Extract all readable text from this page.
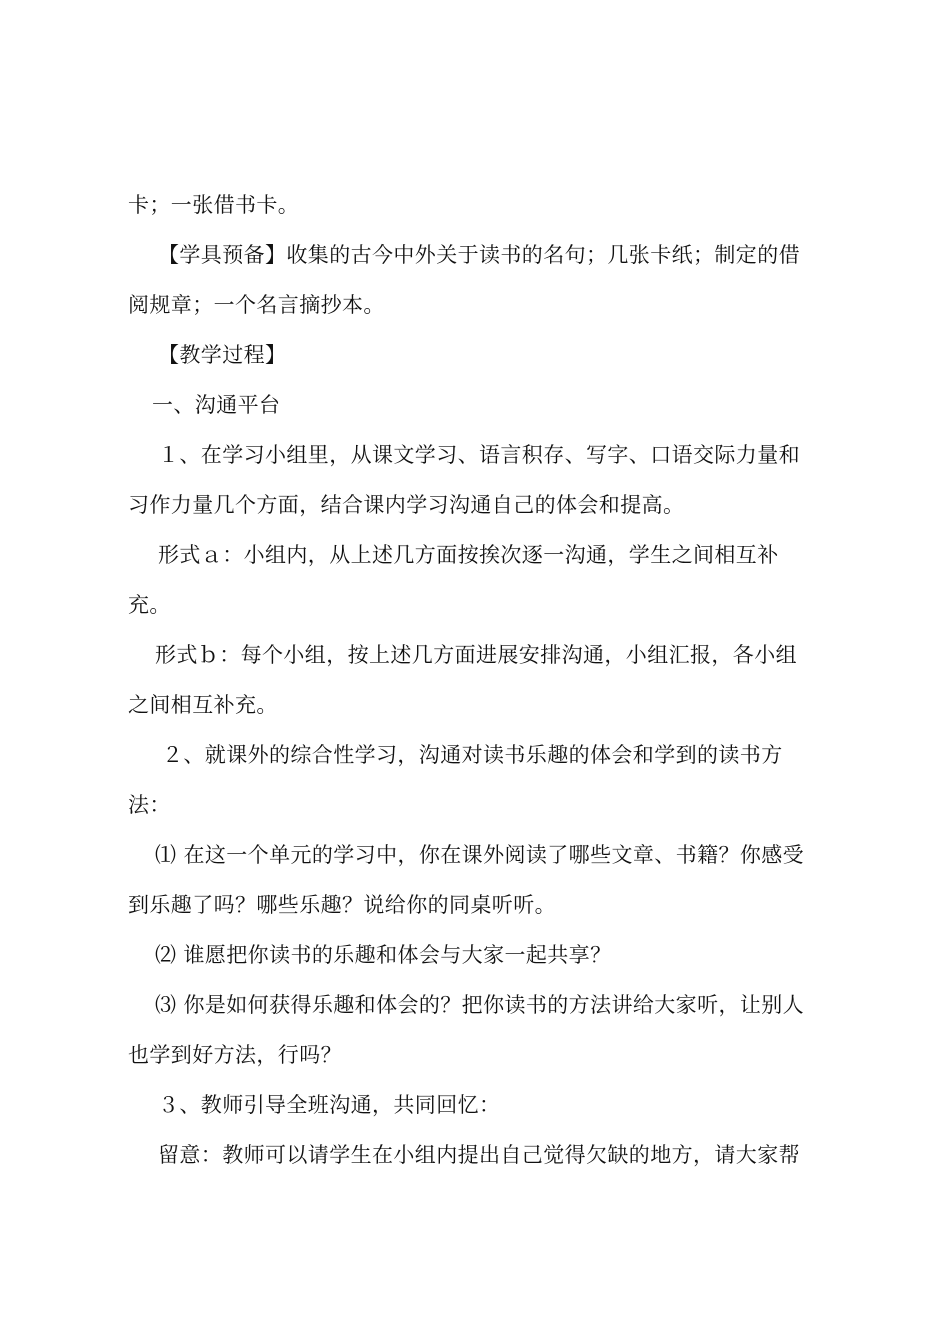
卡；一张借书卡。
【学具预备】收集的古今中外关于读书的名句；几张卡纸；制定的借
阅规章；一个名言摘抄本。
【教学过程】
一、沟通平台
１、在学习小组里，从课文学习、语言积存、写字、口语交际力量和
习作力量几个方面，结合课内学习沟通自己的体会和提高。
形式ａ：小组内，从上述几方面按挨次逐一沟通，学生之间相互补
充。
形式ｂ：每个小组，按上述几方面进展安排沟通，小组汇报，各小组
之间相互补充。
２、就课外的综合性学习，沟通对读书乐趣的体会和学到的读书方
法：
⑴ 在这一个单元的学习中，你在课外阅读了哪些文章、书籍？你感受
到乐趣了吗？哪些乐趣？说给你的同桌听听。
⑵ 谁愿把你读书的乐趣和体会与大家一起共享？
⑶ 你是如何获得乐趣和体会的？把你读书的方法讲给大家听，让别人
也学到好方法，行吗？
３、教师引导全班沟通，共同回忆：
留意：教师可以请学生在小组内提出自己觉得欠缺的地方，请大家帮
